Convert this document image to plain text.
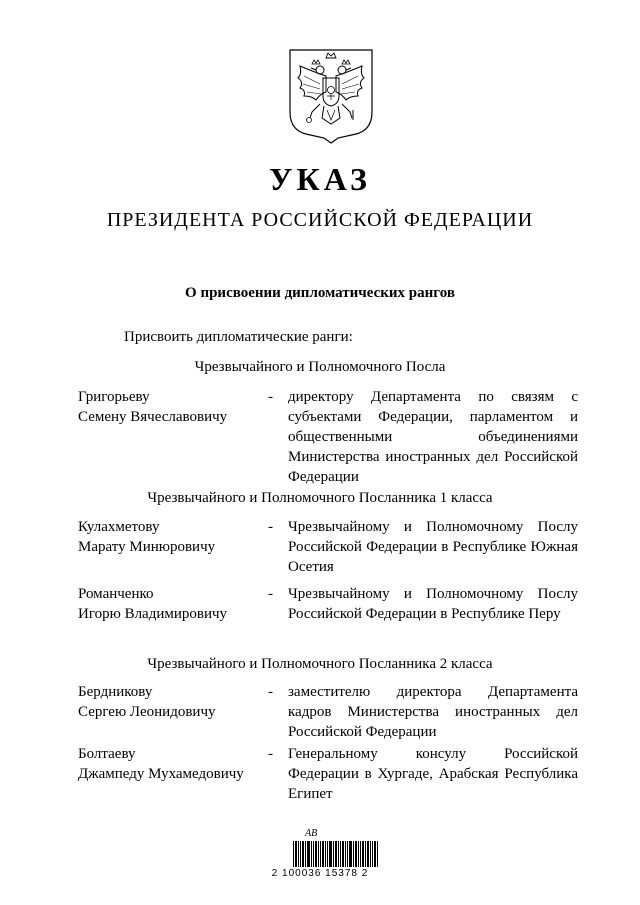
УКАЗ
ПРЕЗИДЕНТА РОССИЙСКОЙ ФЕДЕРАЦИИ
О присвоении дипломатических рангов
Присвоить дипломатические ранги:
Чрезвычайного и Полномочного Посла
Григорьеву
Семену Вячеславовичу
-	директору Департамента по связям с субъектами Федерации, парламентом и общественными объединениями Министерства иностранных дел Российской Федерации
Чрезвычайного и Полномочного Посланника 1 класса
Кулахметову
Марату Минюровичу
-	Чрезвычайному и Полномочному Послу Российской Федерации в Республике Южная Осетия
Романченко
Игорю Владимировичу
-	Чрезвычайному и Полномочному Послу Российской Федерации в Республике Перу
Чрезвычайного и Полномочного Посланника 2 класса
Бердникову
Сергею Леонидовичу
-	заместителю директора Департамента кадров Министерства иностранных дел Российской Федерации
Болтаеву
Джампеду Мухамедовичу
-	Генеральному консулу Российской Федерации в Хургаде, Арабская Республика Египет
АВ
2 100036 15378 2
